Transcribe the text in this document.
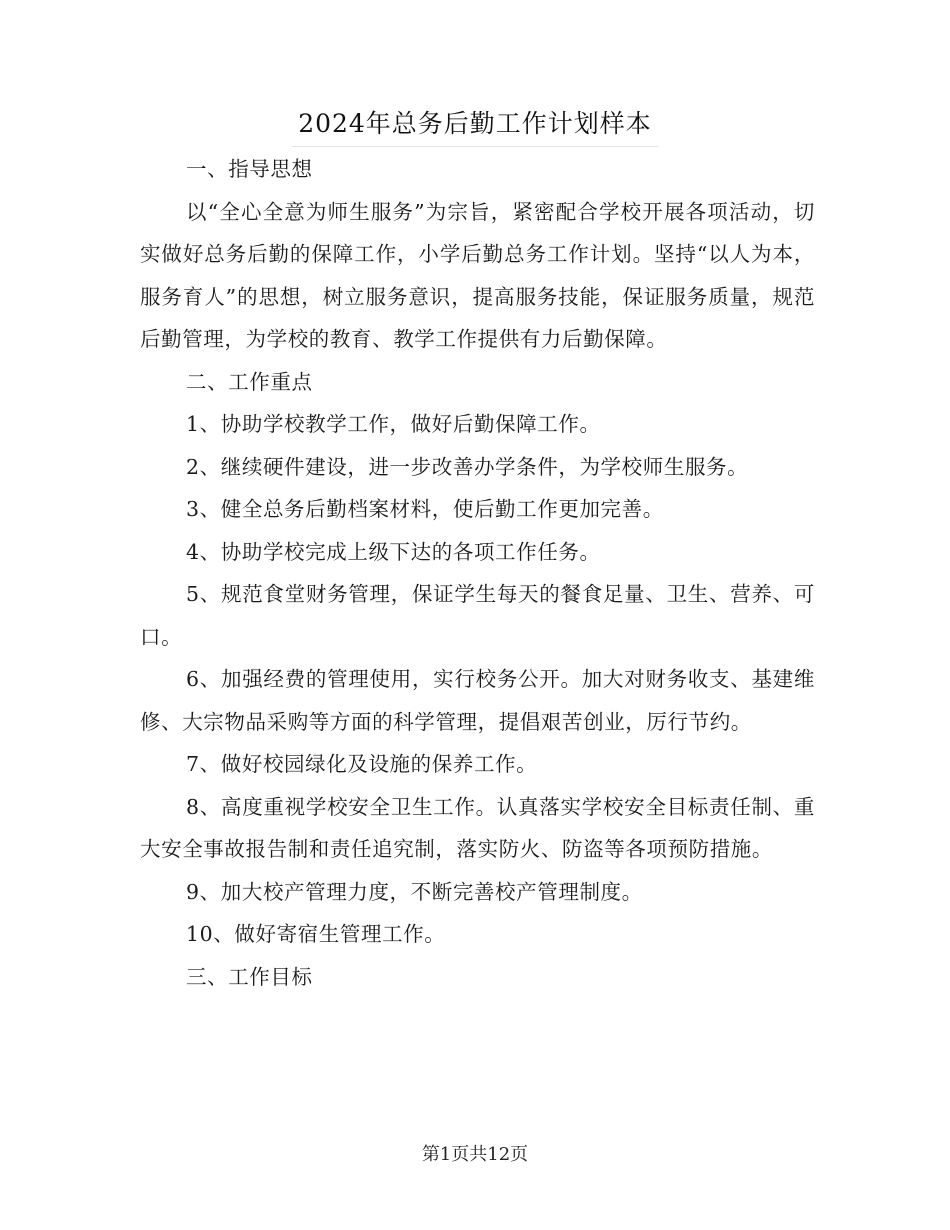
2024年总务后勤工作计划样本

一、指导思想

以“全心全意为师生服务”为宗旨，紧密配合学校开展各项活动，切实做好总务后勤的保障工作，小学后勤总务工作计划。坚持“以人为本，服务育人”的思想，树立服务意识，提高服务技能，保证服务质量，规范后勤管理，为学校的教育、教学工作提供有力后勤保障。

二、工作重点

1、协助学校教学工作，做好后勤保障工作。

2、继续硬件建设，进一步改善办学条件，为学校师生服务。

3、健全总务后勤档案材料，使后勤工作更加完善。

4、协助学校完成上级下达的各项工作任务。

5、规范食堂财务管理，保证学生每天的餐食足量、卫生、营养、可口。

6、加强经费的管理使用，实行校务公开。加大对财务收支、基建维修、大宗物品采购等方面的科学管理，提倡艰苦创业，厉行节约。

7、做好校园绿化及设施的保养工作。

8、高度重视学校安全卫生工作。认真落实学校安全目标责任制、重大安全事故报告制和责任追究制，落实防火、防盗等各项预防措施。

9、加大校产管理力度，不断完善校产管理制度。

10、做好寄宿生管理工作。

三、工作目标

第1页共12页
